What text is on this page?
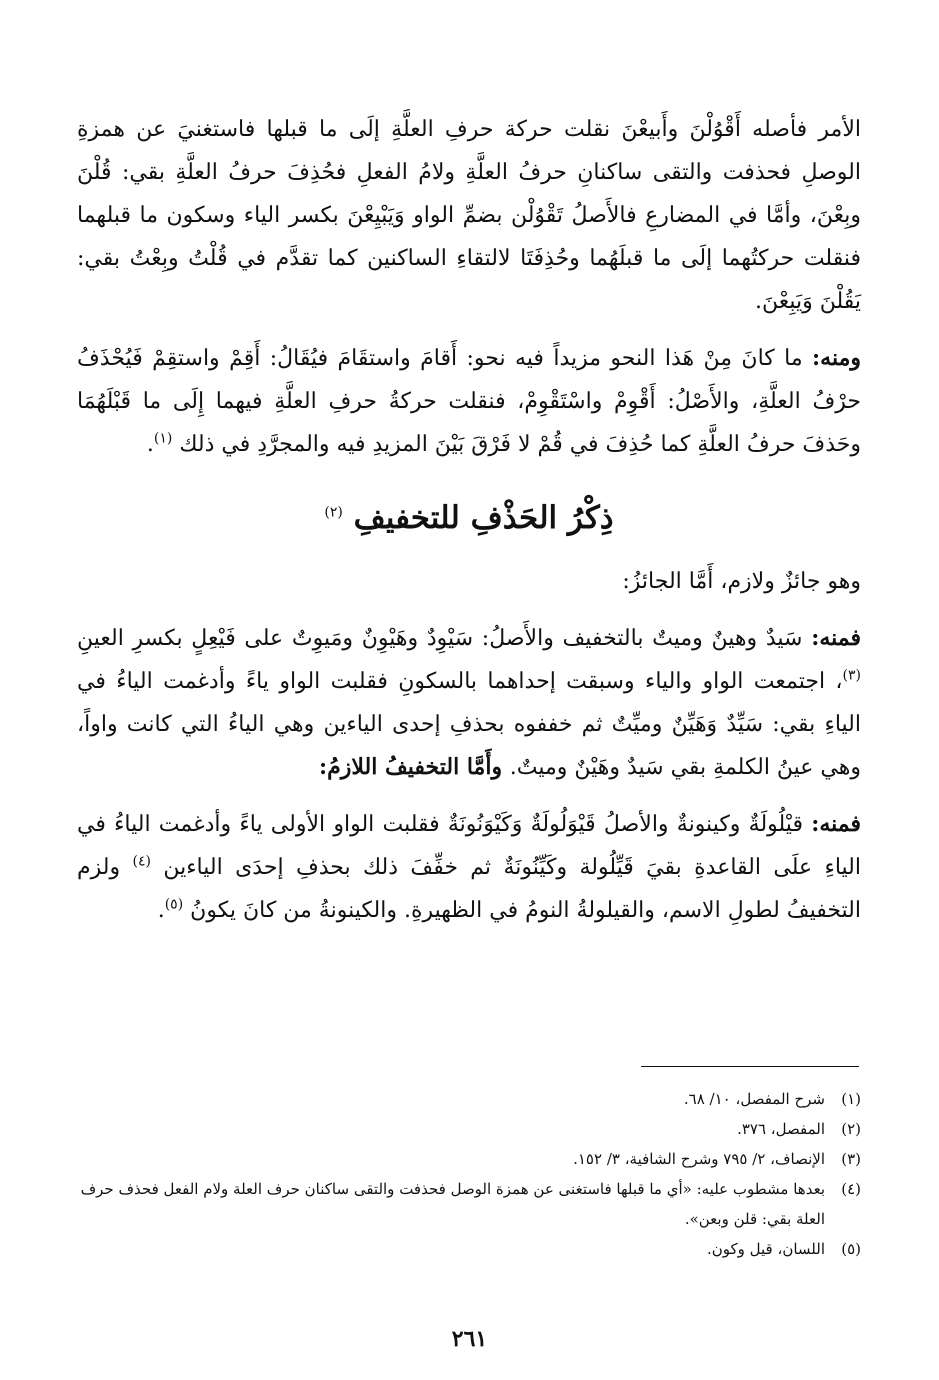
الأمر فأصله أَقْوُلْنَ وأَبيعْنَ نقلت حركة حرفِ العلَّةِ إلَى ما قبلها فاستغنيَ عن همزةِ الوصلِ فحذفت والتقى ساكنانِ حرفُ العلَّةِ ولامُ الفعلِ فحُذِفَ حرفُ العلَّةِ بقي: قُلْنَ وبِعْنَ، وأمَّا في المضارعِ فالأَصلُ تَقْوُلْن بضمِّ الواو وَيَبْيِعْنَ بكسر الياء وسكون ما قبلهما فنقلت حركتُهما إلَى ما قبلَهُما وحُذِفَتَا لالتقاءِ الساكنين كما تقدَّم في قُلْتُ وبِعْتُ بقي: يَقُلْنَ وَيَبِعْنَ.

ومنه: ما كانَ مِنْ هَذا النحو مزيداً فيه نحو: أَقامَ واستقَامَ فيُقَالُ: أَقِمْ واستقِمْ فَيُحْذَفُ حرْفُ العلَّةِ، والأَصْلُ: أَقْوِمْ واسْتَقْوِمْ، فنقلت حركةُ حرفِ العلَّةِ فيهما إِلَى ما قَبْلَهُمَا وحَذفَ حرفُ العلَّةِ كما حُذِفَ في قُمْ لا فَرْقَ بَيْنَ المزيدِ فيه والمجرَّدِ في ذلك $^{(١)}$.

ذِكْرُ الحَذْفِ للتخفيفِ $^{(٢)}$

وهو جائزٌ ولازم، أَمَّا الجائزُ:

فمنه: سَيدٌ وهينٌ وميتٌ بالتخفيف والأَصلُ: سَيْوِدٌ وهَيْوِنٌ ومَيوِتٌ على فَيْعِلٍ بكسرِ العينِ $^{(٣)}$، اجتمعت الواو والياء وسبقت إحداهما بالسكونِ فقلبت الواو ياءً وأدغمت الياءُ في الياءِ بقي: سَيِّدٌ وَهَيِّنٌ وميِّتٌ ثم خففوه بحذفِ إحدى الياءين وهي الياءُ التي كانت واواً، وهي عينُ الكلمةِ بقي سَيدٌ وهَيْنٌ وميتٌ. وأَمَّا التخفيفُ اللازمُ:

فمنه: قيْلُولَةٌ وكينونةٌ والأصلُ قَيْوَلُولَةٌ وَكَيْوَنُونَةٌ فقلبت الواو الأولى ياءً وأدغمت الياءُ في الياءِ علَى القاعدةِ بقيَ قَيِّلُولة وكَيِّنُونَةٌ ثم خفِّفَ ذلك بحذفِ إحدَى الياءين $^{(٤)}$ ولزم التخفيفُ لطولِ الاسم، والقيلولةُ النومُ في الظهيرةِ. والكينونةُ من كانَ يكونُ $^{(٥)}$.

(١)شرح المفصل، ١٠/ ٦٨.

(٢)المفصل، ٣٧٦.

(٣)الإنصاف، ٢/ ٧٩٥ وشرح الشافية، ٣/ ١٥٢.

(٤)بعدها مشطوب عليه: «أي ما قبلها فاستغنى عن همزة الوصل فحذفت والتقى ساكنان حرف العلة ولام الفعل فحذف حرف العلة بقي: قلن وبعن».

(٥)اللسان، قيل وكون.

٢٦١
